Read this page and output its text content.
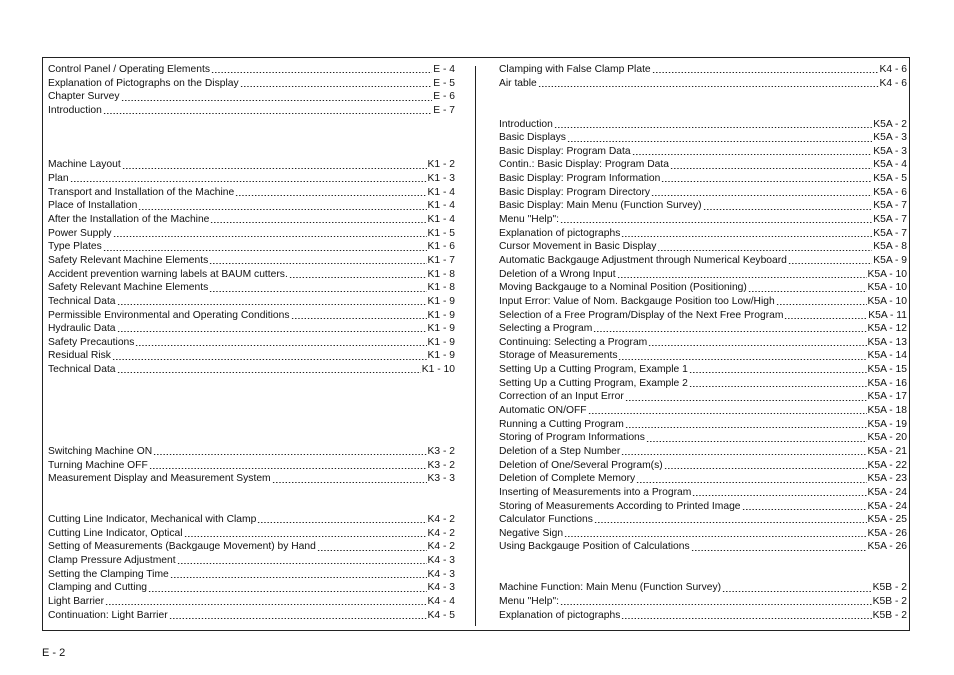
Control Panel / Operating Elements	E - 4
Explanation of Pictographs on the Display	E - 5
Chapter Survey	E - 6
Introduction	E - 7
Machine Layout	K1 - 2
Plan	K1 - 3
Transport and Installation of the Machine	K1 - 4
Place of Installation	K1 - 4
After the Installation of the Machine	K1 - 4
Power Supply	K1 - 5
Type Plates	K1 - 6
Safety Relevant Machine Elements	K1 - 7
Accident prevention warning labels at BAUM cutters.	K1 - 8
Safety Relevant Machine Elements	K1 - 8
Technical Data	K1 - 9
Permissible Environmental and Operating Conditions	K1 - 9
Hydraulic Data	K1 - 9
Safety Precautions	K1 - 9
Residual Risk	K1 - 9
Technical Data	K1 - 10
Switching Machine ON	K3 - 2
Turning Machine OFF	K3 - 2
Measurement Display and Measurement System	K3 - 3
Cutting Line Indicator, Mechanical with Clamp	K4 - 2
Cutting Line Indicator, Optical	K4 - 2
Setting of Measurements (Backgauge Movement) by Hand	K4 - 2
Clamp Pressure Adjustment	K4 - 3
Setting the Clamping Time	K4 - 3
Clamping and Cutting	K4 - 3
Light Barrier	K4 - 4
Continuation: Light Barrier	K4 - 5
Clamping with False Clamp Plate	K4 - 6
Air table	K4 - 6
Introduction	K5A - 2
Basic Displays	K5A - 3
Basic Display: Program Data	K5A - 3
Contin.: Basic Display: Program Data	K5A - 4
Basic Display: Program Information	K5A - 5
Basic Display: Program Directory	K5A - 6
Basic Display: Main Menu (Function Survey)	K5A - 7
Menu "Help":	K5A - 7
Explanation of pictographs	K5A - 7
Cursor Movement in Basic Display	K5A - 8
Automatic Backgauge Adjustment through Numerical Keyboard	K5A - 9
Deletion of a Wrong Input	K5A - 10
Moving Backgauge to a Nominal Position (Positioning)	K5A - 10
Input Error: Value of Nom. Backgauge Position too Low/High	K5A - 10
Selection of a Free Program/Display of the Next Free Program	K5A - 11
Selecting a Program	K5A - 12
Continuing: Selecting a Program	K5A - 13
Storage of Measurements	K5A - 14
Setting Up a Cutting Program, Example 1	K5A - 15
Setting Up a Cutting Program, Example 2	K5A - 16
Correction of an Input Error	K5A - 17
Automatic ON/OFF	K5A - 18
Running a Cutting Program	K5A - 19
Storing of Program Informations	K5A - 20
Deletion of a Step Number	K5A - 21
Deletion of One/Several Program(s)	K5A - 22
Deletion of Complete Memory	K5A - 23
Inserting of Measurements into a Program	K5A - 24
Storing of Measurements According to Printed Image	K5A - 24
Calculator Functions	K5A - 25
Negative Sign	K5A - 26
Using Backgauge Position of Calculations	K5A - 26
Machine Function: Main Menu (Function Survey)	K5B - 2
Menu "Help":	K5B - 2
Explanation of pictographs	K5B - 2
E - 2
